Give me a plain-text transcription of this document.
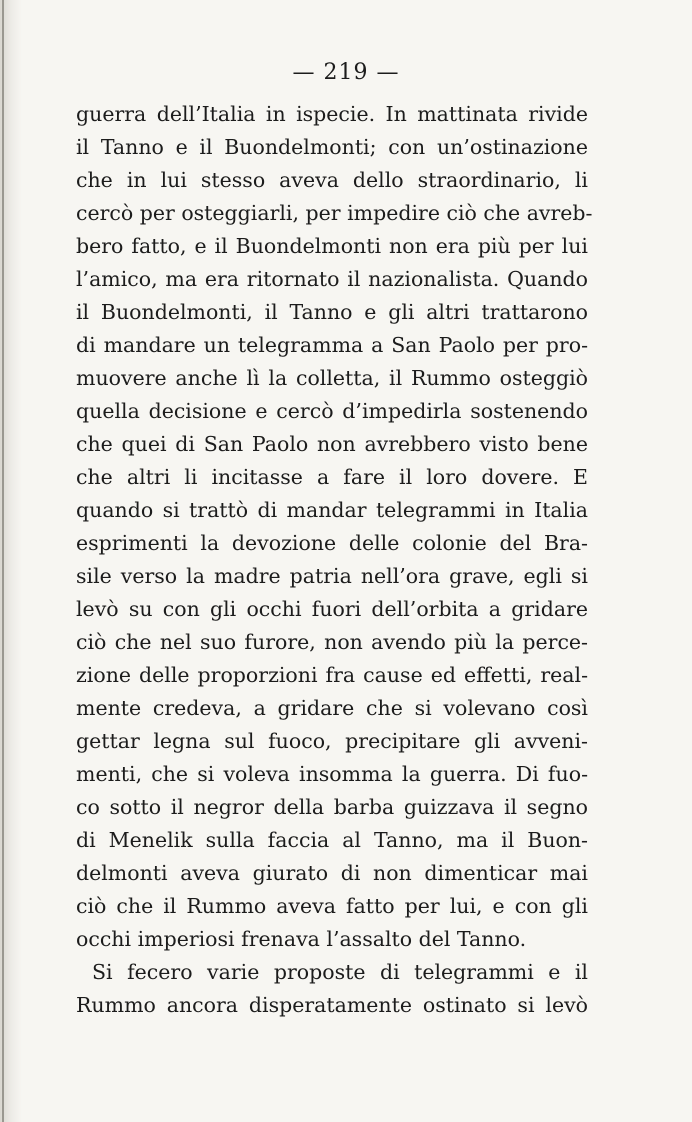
— 219 —
guerra dell’Italia in ispecie. In mattinata rivide
il Tanno e il Buondelmonti; con un’ostinazione
che in lui stesso aveva dello straordinario, li
cercò per osteggiarli, per impedire ciò che avreb-
bero fatto, e il Buondelmonti non era più per lui
l’amico, ma era ritornato il nazionalista. Quando
il Buondelmonti, il Tanno e gli altri trattarono
di mandare un telegramma a San Paolo per pro-
muovere anche lì la colletta, il Rummo osteggiò
quella decisione e cercò d’impedirla sostenendo
che quei di San Paolo non avrebbero visto bene
che altri li incitasse a fare il loro dovere. E
quando si trattò di mandar telegrammi in Italia
esprimenti la devozione delle colonie del Bra-
sile verso la madre patria nell’ora grave, egli si
levò su con gli occhi fuori dell’orbita a gridare
ciò che nel suo furore, non avendo più la perce-
zione delle proporzioni fra cause ed effetti, real-
mente credeva, a gridare che si volevano così
gettar legna sul fuoco, precipitare gli avveni-
menti, che si voleva insomma la guerra. Di fuo-
co sotto il negror della barba guizzava il segno
di Menelik sulla faccia al Tanno, ma il Buon-
delmonti aveva giurato di non dimenticar mai
ciò che il Rummo aveva fatto per lui, e con gli
occhi imperiosi frenava l’assalto del Tanno.
Si fecero varie proposte di telegrammi e il
Rummo ancora disperatamente ostinato si levò
